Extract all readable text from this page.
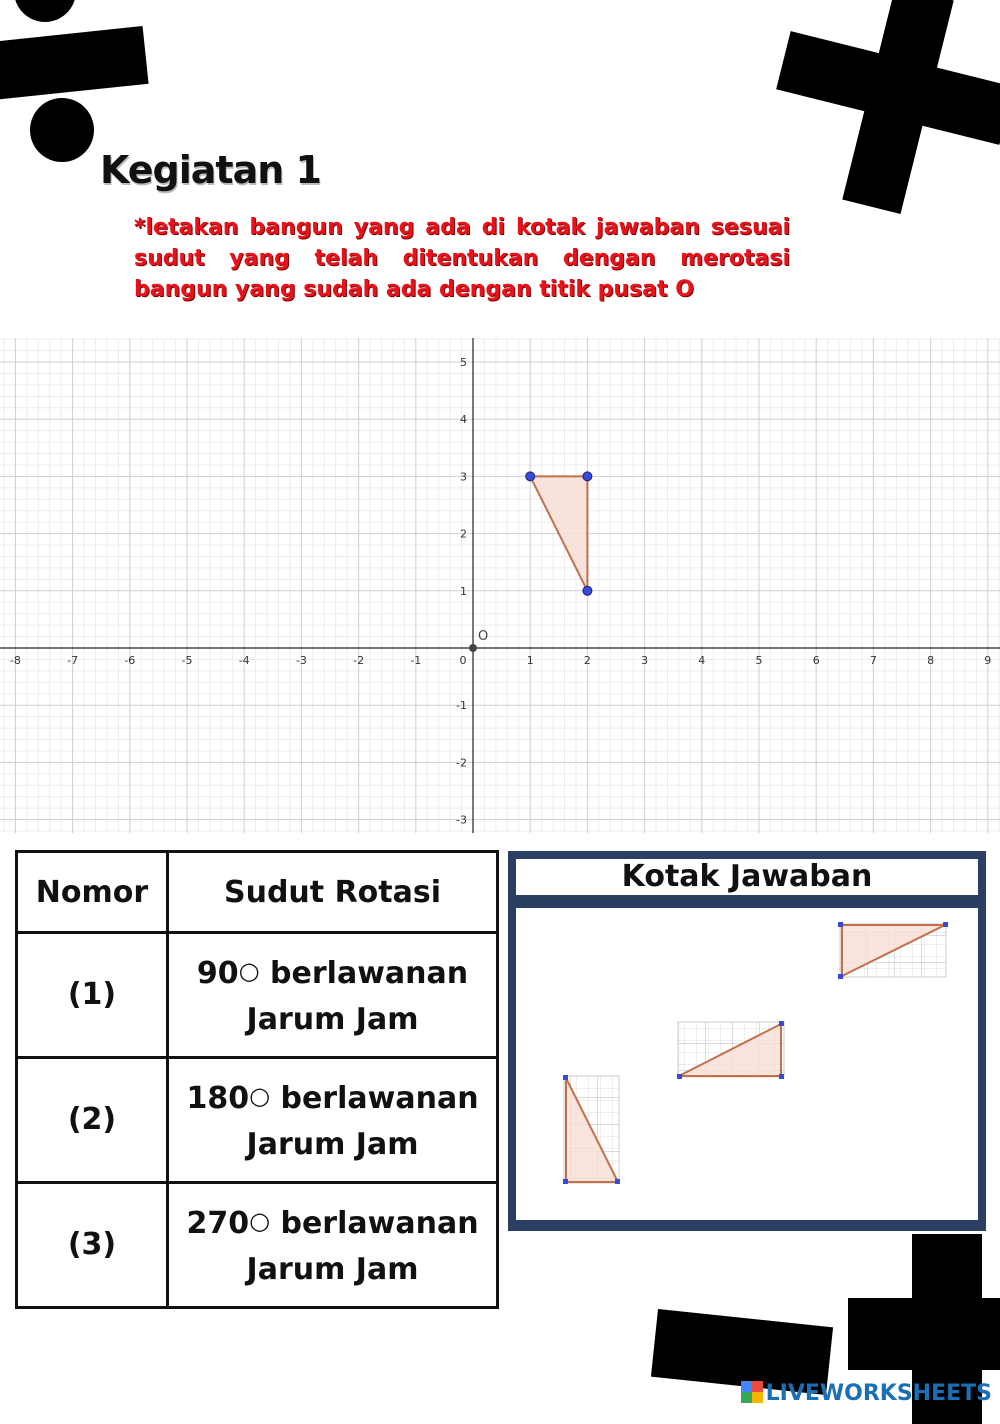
Kegiatan 1
*letakan bangun yang ada di kotak jawaban sesuai sudut yang telah ditentukan dengan merotasi bangun yang sudah ada dengan titik pusat O
-8	-7	-6	-5	-4	-3	-2	-1	0	1	2	3	4	5	6	7	8	9
5
4
3
2
1
-1
-2
-3
O
Nomor	Sudut Rotasi
(1)	90○ berlawanan
Jarum Jam
(2)	180○ berlawanan
Jarum Jam
(3)	270○ berlawanan
Jarum Jam
Kotak Jawaban
LIVEWORKSHEETS
